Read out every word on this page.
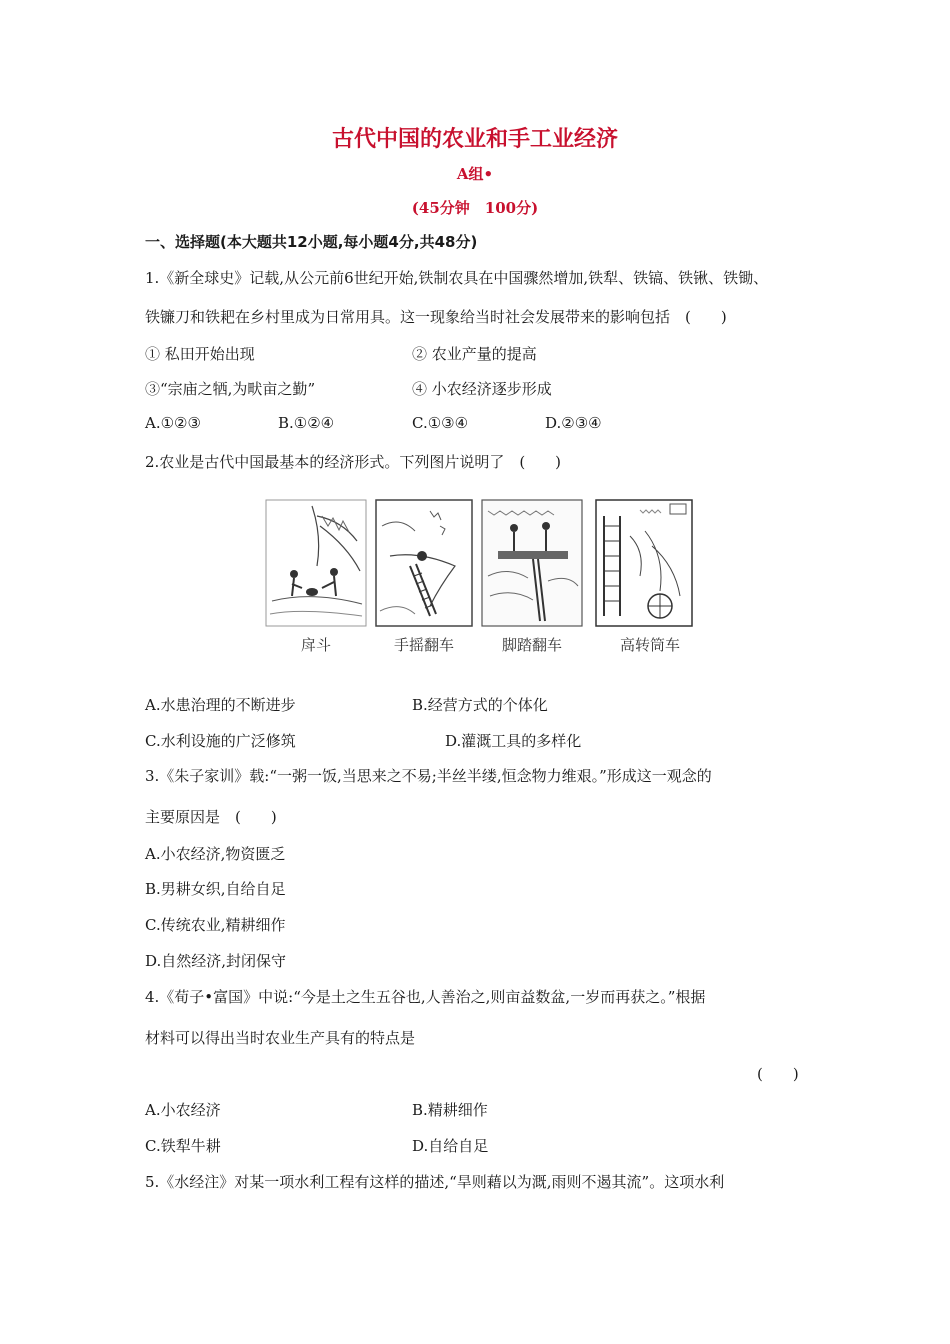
古代中国的农业和手工业经济
A组•
(45分钟　100分)
一、选择题(本大题共12小题,每小题4分,共48分)
1.《新全球史》记载,从公元前6世纪开始,铁制农具在中国骤然增加,铁犁、铁镐、铁锹、铁锄、
铁镰刀和铁耙在乡村里成为日常用具。这一现象给当时社会发展带来的影响包括　(　　)
① 私田开始出现	② 农业产量的提高
③“宗庙之牺,为畎亩之勤”	④ 小农经济逐步形成
A.①②③	B.①②④	C.①③④	D.②③④
2.农业是古代中国最基本的经济形式。下列图片说明了　(　　)
戽斗	手摇翻车	脚踏翻车	高转筒车
A.水患治理的不断进步	B.经营方式的个体化
C.水利设施的广泛修筑	D.灌溉工具的多样化
3.《朱子家训》载:“一粥一饭,当思来之不易;半丝半缕,恒念物力维艰。”形成这一观念的
主要原因是　(　　)
A.小农经济,物资匮乏
B.男耕女织,自给自足
C.传统农业,精耕细作
D.自然经济,封闭保守
4.《荀子•富国》中说:“今是土之生五谷也,人善治之,则亩益数盆,一岁而再获之。”根据
材料可以得出当时农业生产具有的特点是
(　　)
A.小农经济	B.精耕细作
C.铁犁牛耕	D.自给自足
5.《水经注》对某一项水利工程有这样的描述,“旱则藉以为溉,雨则不遏其流”。这项水利
